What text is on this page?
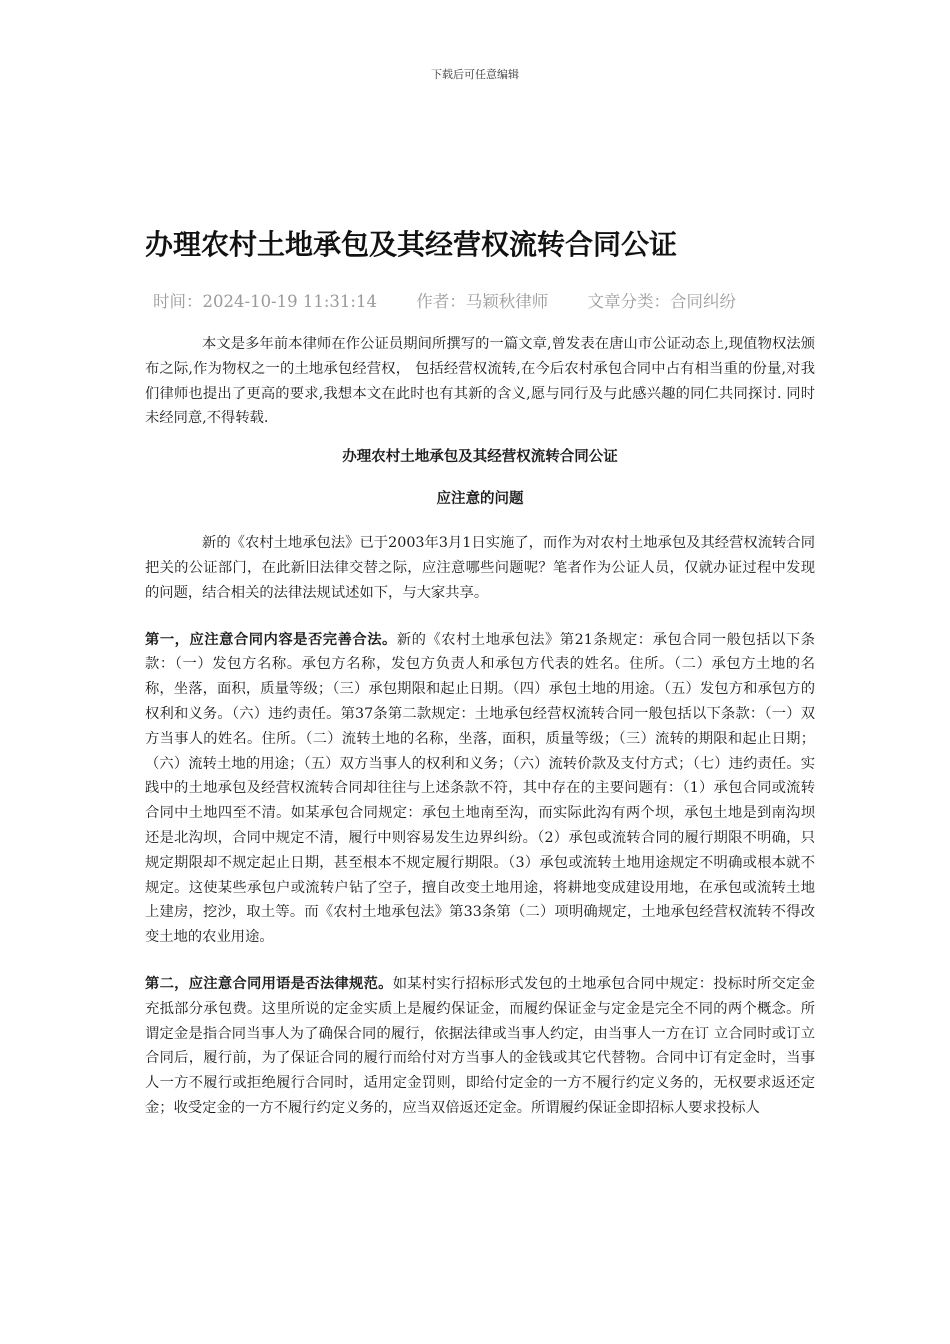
下载后可任意编辑
办理农村土地承包及其经营权流转合同公证
时间：2024-10-19 11:31:14 作者：马颖秋律师 文章分类：合同纠纷

本文是多年前本律师在作公证员期间所撰写的一篇文章,曾发表在唐山市公证动态上,现值物权法颁布之际,作为物权之一的土地承包经营权， 包括经营权流转,在今后农村承包合同中占有相当重的份量,对我们律师也提出了更高的要求,我想本文在此时也有其新的含义,愿与同行及与此感兴趣的同仁共同探讨. 同时未经同意,不得转载.

办理农村土地承包及其经营权流转合同公证
应注意的问题

新的《农村土地承包法》已于2003年3月1日实施了，而作为对农村土地承包及其经营权流转合同把关的公证部门，在此新旧法律交替之际，应注意哪些问题呢？笔者作为公证人员，仅就办证过程中发现的问题，结合相关的法律法规试述如下，与大家共享。

第一，应注意合同内容是否完善合法。新的《农村土地承包法》第21条规定：承包合同一般包括以下条款：（一）发包方名称。承包方名称，发包方负责人和承包方代表的姓名。住所。（二）承包方土地的名称，坐落，面积，质量等级；（三）承包期限和起止日期。（四）承包土地的用途。（五）发包方和承包方的权利和义务。（六）违约责任。第37条第二款规定：土地承包经营权流转合同一般包括以下条款：（一）双方当事人的姓名。住所。（二）流转土地的名称，坐落，面积，质量等级；（三）流转的期限和起止日期；（六）流转土地的用途；（五）双方当事人的权利和义务；（六）流转价款及支付方式；（七）违约责任。实践中的土地承包及经营权流转合同却往往与上述条款不符，其中存在的主要问题有：（1）承包合同或流转合同中土地四至不清。如某承包合同规定：承包土地南至沟，而实际此沟有两个坝，承包土地是到南沟坝还是北沟坝，合同中规定不清，履行中则容易发生边界纠纷。（2）承包或流转合同的履行期限不明确，只规定期限却不规定起止日期，甚至根本不规定履行期限。（3）承包或流转土地用途规定不明确或根本就不规定。这使某些承包户或流转户钻了空子，擅自改变土地用途，将耕地变成建设用地，在承包或流转土地上建房，挖沙，取土等。而《农村土地承包法》第33条第（二）项明确规定，土地承包经营权流转不得改变土地的农业用途。

第二，应注意合同用语是否法律规范。如某村实行招标形式发包的土地承包合同中规定：投标时所交定金充抵部分承包费。这里所说的定金实质上是履约保证金，而履约保证金与定金是完全不同的两个概念。所谓定金是指合同当事人为了确保合同的履行，依据法律或当事人约定，由当事人一方在订 立合同时或订立合同后，履行前，为了保证合同的履行而给付对方当事人的金钱或其它代替物。合同中订有定金时，当事人一方不履行或拒绝履行合同时，适用定金罚则，即给付定金的一方不履行约定义务的，无权要求返还定金；收受定金的一方不履行约定义务的，应当双倍返还定金。所谓履约保证金即招标人要求投标人
